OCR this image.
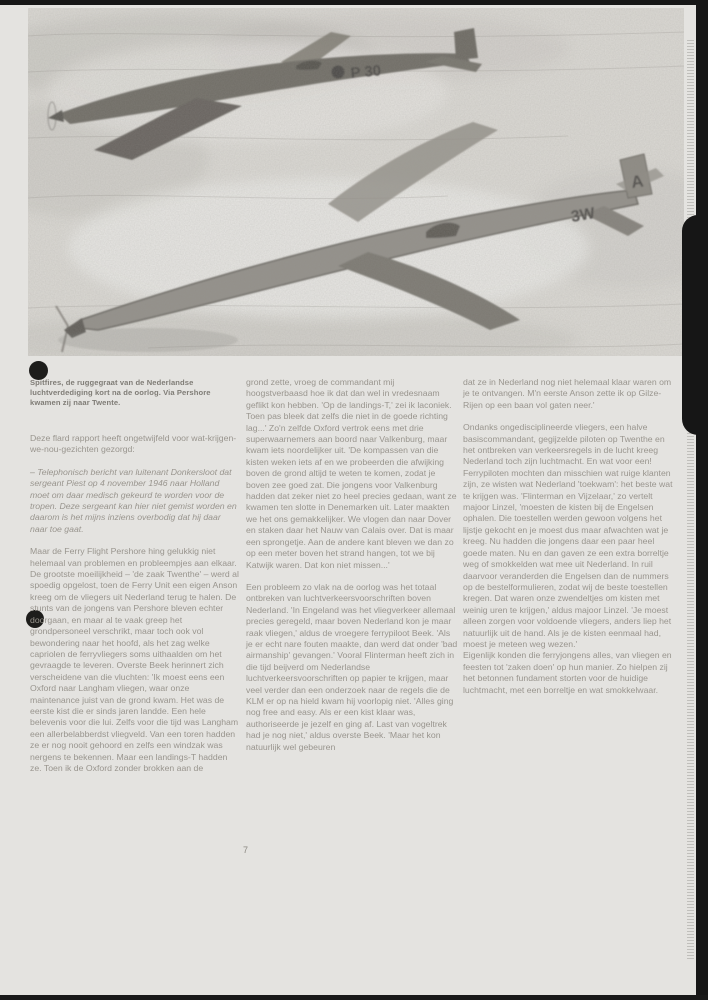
Spitfires, de ruggegraat van de Nederlandse luchtverdediging kort na de oorlog. Via Pershore kwamen zij naar Twente.

Deze flard rapport heeft ongetwijfeld voor wat-krijgen-we-nou-gezichten gezorgd:

– Telephonisch bericht van luitenant Donkersloot dat sergeant Piest op 4 november 1946 naar Holland moet om daar medisch gekeurd te worden voor de tropen. Deze sergeant kan hier niet gemist worden en daarom is het mijns inziens overbodig dat hij daar naar toe gaat.

Maar de Ferry Flight Pershore hing gelukkig niet helemaal van problemen en probleempjes aan elkaar. De grootste moeilijkheid – 'de zaak Twenthe' – werd al spoedig opgelost, toen de Ferry Unit een eigen Anson kreeg om de vliegers uit Nederland terug te halen. De stunts van de jongens van Pershore bleven echter doorgaan, en maar al te vaak greep het grondpersoneel verschrikt, maar toch ook vol bewondering naar het hoofd, als het zag welke capriolen de ferryvliegers soms uithaalden om het gevraagde te leveren. Overste Beek herinnert zich verscheidene van die vluchten: 'Ik moest eens een Oxford naar Langham vliegen, waar onze maintenance juist van de grond kwam. Het was de eerste kist die er sinds jaren landde. Een hele belevenis voor die lui. Zelfs voor die tijd was Langham een allerbelabberdst vliegveld. Van een toren hadden ze er nog nooit gehoord en zelfs een windzak was nergens te bekennen. Maar een landings-T hadden ze. Toen ik de Oxford zonder brokken aan de

grond zette, vroeg de commandant mij hoogstverbaasd hoe ik dat dan wel in vredesnaam geflikt kon hebben. 'Op de landings-T,' zei ik laconiek. Toen pas bleek dat zelfs die niet in de goede richting lag...' Zo'n zelfde Oxford vertrok eens met drie superwaarnemers aan boord naar Valkenburg, maar kwam iets noordelijker uit. 'De kompassen van die kisten weken iets af en we probeerden die afwijking boven de grond altijd te weten te komen, zodat je boven zee goed zat. Die jongens voor Valkenburg hadden dat zeker niet zo heel precies gedaan, want ze kwamen ten slotte in Denemarken uit. Later maakten we het ons gemakkelijker. We vlogen dan naar Dover en staken daar het Nauw van Calais over. Dat is maar een sprongetje. Aan de andere kant bleven we dan zo op een meter boven het strand hangen, tot we bij Katwijk waren. Dat kon niet missen...'

Een probleem zo vlak na de oorlog was het totaal ontbreken van luchtverkeersvoorschriften boven Nederland. 'In Engeland was het vliegverkeer allemaal precies geregeld, maar boven Nederland kon je maar raak vliegen,' aldus de vroegere ferrypiloot Beek. 'Als je er echt nare fouten maakte, dan werd dat onder 'bad airmanship' gevangen.' Vooral Flinterman heeft zich in die tijd beijverd om Nederlandse luchtverkeersvoorschriften op papier te krijgen, maar veel verder dan een onderzoek naar de regels die de KLM er op na hield kwam hij voorlopig niet. 'Alles ging nog free and easy. Als er een kist klaar was, authoriseerde je jezelf en ging af. Last van vogeltrek had je nog niet,' aldus overste Beek. 'Maar het kon natuurlijk wel gebeuren

dat ze in Nederland nog niet helemaal klaar waren om je te ontvangen. M'n eerste Anson zette ik op Gilze-Rijen op een baan vol gaten neer.'

Ondanks ongedisciplineerde vliegers, een halve basiscommandant, gegijzelde piloten op Twenthe en het ontbreken van verkeersregels in de lucht kreeg Nederland toch zijn luchtmacht. En wat voor een! Ferrypiloten mochten dan misschien wat ruige klanten zijn, ze wisten wat Nederland 'toekwam': het beste wat te krijgen was. 'Flinterman en Vijzelaar,' zo vertelt majoor Linzel, 'moesten de kisten bij de Engelsen ophalen. Die toestellen werden gewoon volgens het lijstje gekocht en je moest dus maar afwachten wat je kreeg. Nu hadden die jongens daar een paar heel goede maten. Nu en dan gaven ze een extra borreltje weg of smokkelden wat mee uit Nederland. In ruil daarvoor veranderden die Engelsen dan de nummers op de bestelformulieren, zodat wij de beste toestellen kregen. Dat waren onze zwendeltjes om kisten met weinig uren te krijgen,' aldus majoor Linzel. 'Je moest alleen zorgen voor voldoende vliegers, anders liep het natuurlijk uit de hand. Als je de kisten eenmaal had, moest je meteen weg wezen.'

Eigenlijk konden die ferryjongens alles, van vliegen en feesten tot 'zaken doen' op hun manier. Zo hielpen zij het betonnen fundament storten voor de huidige luchtmacht, met een borreltje en wat smokkelwaar.

7
